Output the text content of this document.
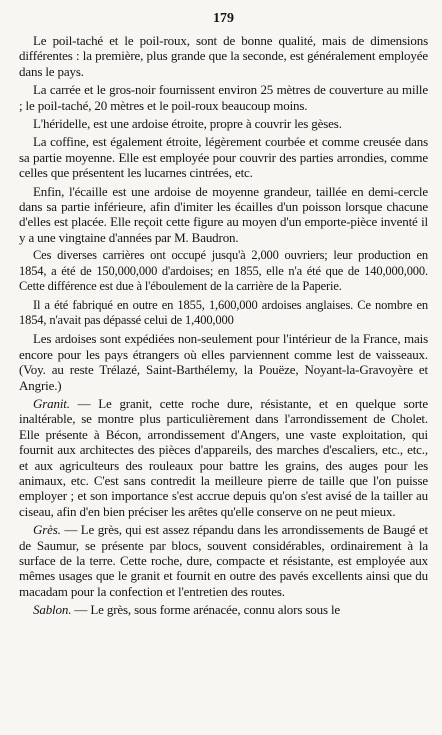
179

Le poil-taché et le poil-roux, sont de bonne qualité, mais de dimensions différentes : la première, plus grande que la seconde, est généralement employée dans le pays.

La carrée et le gros-noir fournissent environ 25 mètres de couverture au mille ; le poil-taché, 20 mètres et le poil-roux beaucoup moins.

L'héridelle, est une ardoise étroite, propre à couvrir les gèses.

La coffine, est également étroite, légèrement courbée et comme creusée dans sa partie moyenne. Elle est employée pour couvrir des parties arrondies, comme celles que présentent les lucarnes cintrées, etc.

Enfin, l'écaille est une ardoise de moyenne grandeur, taillée en demi-cercle dans sa partie inférieure, afin d'imiter les écailles d'un poisson lorsque chacune d'elles est placée. Elle reçoit cette figure au moyen d'un emporte-pièce inventé il y a une vingtaine d'années par M. Baudron.

Ces diverses carrières ont occupé jusqu'à 2,000 ouvriers; leur production en 1854, a été de 150,000,000 d'ardoises; en 1855, elle n'a été que de 140,000,000. Cette différence est due à l'éboulement de la carrière de la Paperie.

Il a été fabriqué en outre en 1855, 1,600,000 ardoises anglaises. Ce nombre en 1854, n'avait pas dépassé celui de 1,400,000

Les ardoises sont expédiées non-seulement pour l'intérieur de la France, mais encore pour les pays étrangers où elles parviennent comme lest de vaisseaux. (Voy. au reste Trélazé, Saint-Barthélemy, la Pouëze, Noyant-la-Gravoyère et Angrie.)

Granit. — Le granit, cette roche dure, résistante, et en quelque sorte inaltérable, se montre plus particulièrement dans l'arrondissement de Cholet. Elle présente à Bécon, arrondissement d'Angers, une vaste exploitation, qui fournit aux architectes des pièces d'appareils, des marches d'escaliers, etc., etc., et aux agriculteurs des rouleaux pour battre les grains, des auges pour les animaux, etc. C'est sans contredit la meilleure pierre de taille que l'on puisse employer ; et son importance s'est accrue depuis qu'on s'est avisé de la tailler au ciseau, afin d'en bien préciser les arêtes qu'elle conserve on ne peut mieux.

Grès. — Le grès, qui est assez répandu dans les arrondissements de Baugé et de Saumur, se présente par blocs, souvent considérables, ordinairement à la surface de la terre. Cette roche, dure, compacte et résistante, est employée aux mêmes usages que le granit et fournit en outre des pavés excellents ainsi que du macadam pour la confection et l'entretien des routes.

Sablon. — Le grès, sous forme arénacée, connu alors sous le
